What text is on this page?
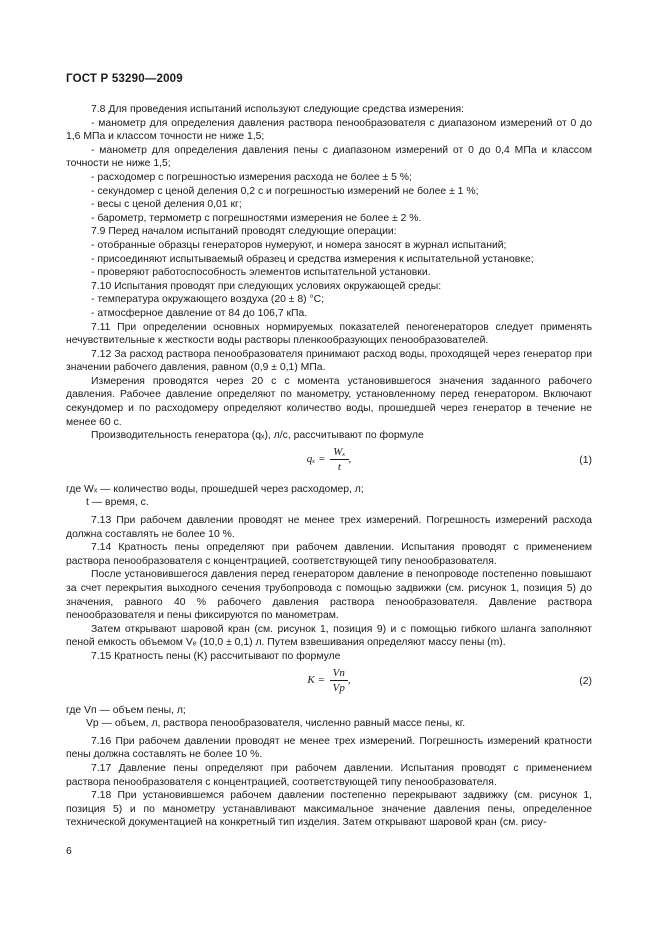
ГОСТ Р 53290—2009

7.8 Для проведения испытаний используют следующие средства измерения:

- манометр для определения давления раствора пенообразователя с диапазоном измерений от 0 до 1,6 МПа и классом точности не ниже 1,5;

- манометр для определения давления пены с диапазоном измерений от 0 до 0,4 МПа и классом точности не ниже 1,5;

- расходомер с погрешностью измерения расхода не более ± 5 %;

- секундомер с ценой деления 0,2 с и погрешностью измерений не более ± 1 %;

- весы с ценой деления 0,01 кг;

- барометр, термометр с погрешностями измерения не более ± 2 %.

7.9 Перед началом испытаний проводят следующие операции:

- отобранные образцы генераторов нумеруют, и номера заносят в журнал испытаний;

- присоединяют испытываемый образец и средства измерения к испытательной установке;

- проверяют работоспособность элементов испытательной установки.

7.10 Испытания проводят при следующих условиях окружающей среды:

- температура окружающего воздуха (20 ± 8) °С;

- атмосферное давление от 84 до 106,7 кПа.

7.11 При определении основных нормируемых показателей пеногенераторов следует применять нечувствительные к жесткости воды растворы пленкообразующих пенообразователей.

7.12 За расход раствора пенообразователя принимают расход воды, проходящей через генератор при значении рабочего давления, равном (0,9 ± 0,1) МПа.

Измерения проводятся через 20 с с момента установившегося значения заданного рабочего давления. Рабочее давление определяют по манометру, установленному перед генератором. Включают секундомер и по расходомеру определяют количество воды, прошедшей через генератор в течение не менее 60 с.

Производительность генератора (qₓ), л/с, рассчитывают по формуле

$q_x = \frac{\text{Wₓ}}{t}$ ,	(1)

где Wₓ — количество воды, прошедшей через расходомер, л;

t — время, с.

7.13 При рабочем давлении проводят не менее трех измерений. Погрешность измерений расхода должна составлять не более 10 %.

7.14 Кратность пены определяют при рабочем давлении. Испытания проводят с применением раствора пенообразователя с концентрацией, соответствующей типу пенообразователя.

После установившегося давления перед генератором давление в пенопроводе постепенно повышают за счет перекрытия выходного сечения трубопровода с помощью задвижки (см. рисунок 1, позиция 5) до значения, равного 40 % рабочего давления раствора пенообразователя. Давление раствора пенообразователя и пены фиксируются по манометрам.

Затем открывают шаровой кран (см. рисунок 1, позиция 9) и с помощью гибкого шланга заполняют пеной емкость объемом Vₑ (10,0 ± 0,1) л. Путем взвешивания определяют массу пены (m).

7.15 Кратность пены (K) рассчитывают по формуле

$K = \frac{Vп}{Vр}$ ,	(2)

где Vп — объем пены, л;

Vр — объем, л, раствора пенообразователя, численно равный массе пены, кг.

7.16 При рабочем давлении проводят не менее трех измерений. Погрешность измерений кратности пены должна составлять не более 10 %.

7.17 Давление пены определяют при рабочем давлении. Испытания проводят с применением раствора пенообразователя с концентрацией, соответствующей типу пенообразователя.

7.18 При установившемся рабочем давлении постепенно перекрывают задвижку (см. рисунок 1, позиция 5) и по манометру устанавливают максимальное значение давления пены, определенное технической документацией на конкретный тип изделия. Затем открывают шаровой кран (см. рису-

6
